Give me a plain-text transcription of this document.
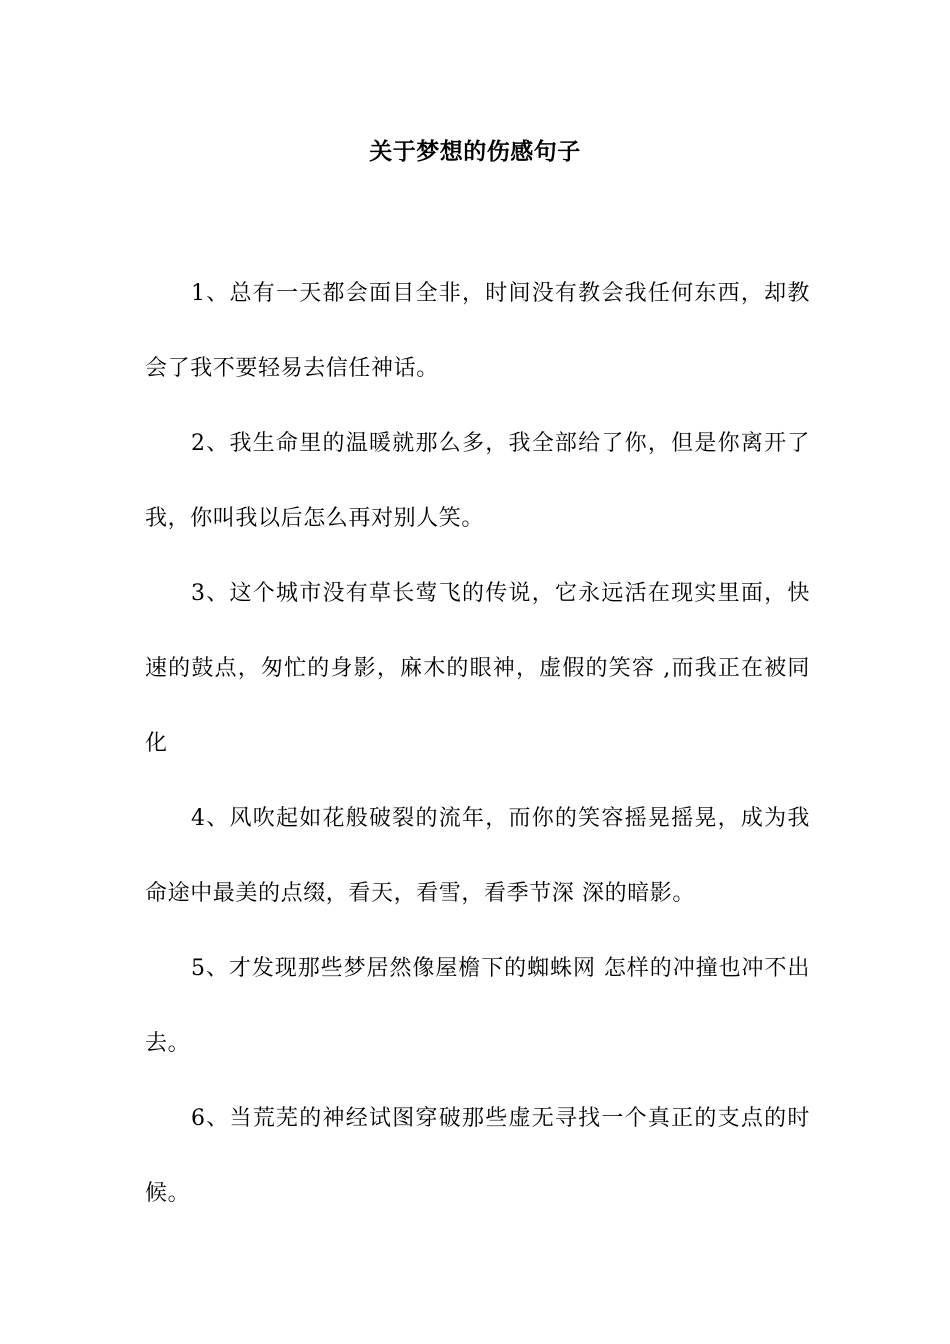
关于梦想的伤感句子

1、总有一天都会面目全非，时间没有教会我任何东西，却教会了我不要轻易去信任神话。

2、我生命里的温暖就那么多，我全部给了你，但是你离开了我，你叫我以后怎么再对别人笑。

3、这个城市没有草长莺飞的传说，它永远活在现实里面，快速的鼓点，匆忙的身影，麻木的眼神，虚假的笑容 ,而我正在被同化

4、风吹起如花般破裂的流年，而你的笑容摇晃摇晃，成为我命途中最美的点缀，看天，看雪，看季节深 深的暗影。

5、才发现那些梦居然像屋檐下的蜘蛛网 怎样的冲撞也冲不出去。

6、当荒芜的神经试图穿破那些虚无寻找一个真正的支点的时候。
